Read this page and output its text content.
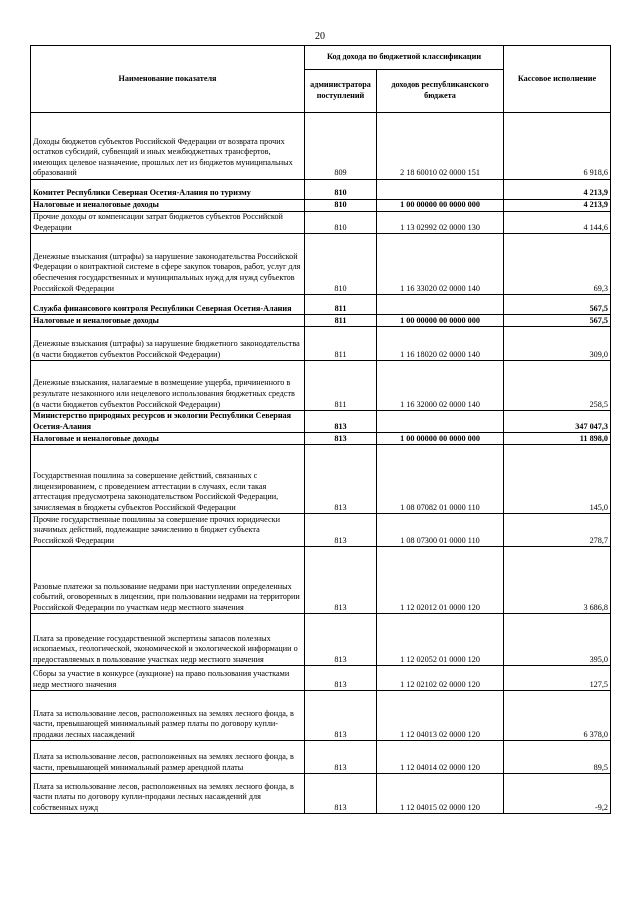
20
Наименование показателя	Код дохода по бюджетной классификации		Кассовое исполнение
	администратора поступлений	доходов республиканского бюджета	
Доходы бюджетов субъектов Российской Федерации от возврата прочих остатков субсидий, субвенций и иных межбюджетных трансфертов, имеющих целевое назначение, прошлых лет из бюджетов муниципальных образований	809	2 18 60010 02 0000 151	6 918,6
Комитет Республики Северная Осетия-Алания по туризму	810		4 213,9
Налоговые и неналоговые доходы	810	1 00 00000 00 0000 000	4 213,9
Прочие доходы от компенсации затрат бюджетов субъектов Российской Федерации	810	1 13 02992 02 0000 130	4 144,6
Денежные взыскания (штрафы) за нарушение законодательства Российской Федерации о контрактной системе в сфере закупок товаров, работ, услуг для обеспечения государственных и муниципальных нужд для нужд субъектов Российской Федерации	810	1 16 33020 02 0000 140	69,3
Служба финансового контроля Республики Северная Осетия-Алания	811		567,5
Налоговые и неналоговые доходы	811	1 00 00000 00 0000 000	567,5
Денежные взыскания (штрафы) за нарушение бюджетного законодательства (в части бюджетов субъектов Российской Федерации)	811	1 16 18020 02 0000 140	309,0
Денежные взыскания, налагаемые в возмещение ущерба, причиненного в результате незаконного или нецелевого использования бюджетных средств (в части бюджетов субъектов Российской Федерации)	811	1 16 32000 02 0000 140	258,5
Министерство природных ресурсов и экологии Республики Северная Осетия-Алания	813		347 047,3
Налоговые и неналоговые доходы	813	1 00 00000 00 0000 000	11 898,0
Государственная пошлина за совершение действий, связанных с лицензированием, с проведением аттестации в случаях, если такая аттестация предусмотрена законодательством Российской Федерации, зачисляемая в бюджеты субъектов Российской Федерации	813	1 08 07082 01 0000 110	145,0
Прочие государственные пошлины за совершение прочих юридически значимых действий, подлежащие зачислению в бюджет субъекта Российской Федерации	813	1 08 07300 01 0000 110	278,7
Разовые платежи за пользование недрами при наступлении определенных событий, оговоренных в лицензии, при пользовании недрами на территории Российской Федерации по участкам недр местного значения	813	1 12 02012 01 0000 120	3 686,8
Плата за проведение государственной экспертизы запасов полезных ископаемых, геологической, экономической и экологической информации о предоставляемых в пользование участках недр местного значения	813	1 12 02052 01 0000 120	395,0
Сборы за участие в конкурсе (аукционе) на право пользования участками недр местного значения	813	1 12 02102 02 0000 120	127,5
Плата за использование лесов, расположенных на землях лесного фонда, в части, превышающей минимальный размер платы по договору купли-продажи лесных насаждений	813	1 12 04013 02 0000 120	6 378,0
Плата за использование лесов, расположенных на землях лесного фонда, в части, превышающей минимальный размер арендной платы	813	1 12 04014 02 0000 120	89,5
Плата за использование лесов, расположенных на землях лесного фонда, в части платы по договору купли-продажи лесных насаждений для собственных нужд	813	1 12 04015 02 0000 120	-9,2
